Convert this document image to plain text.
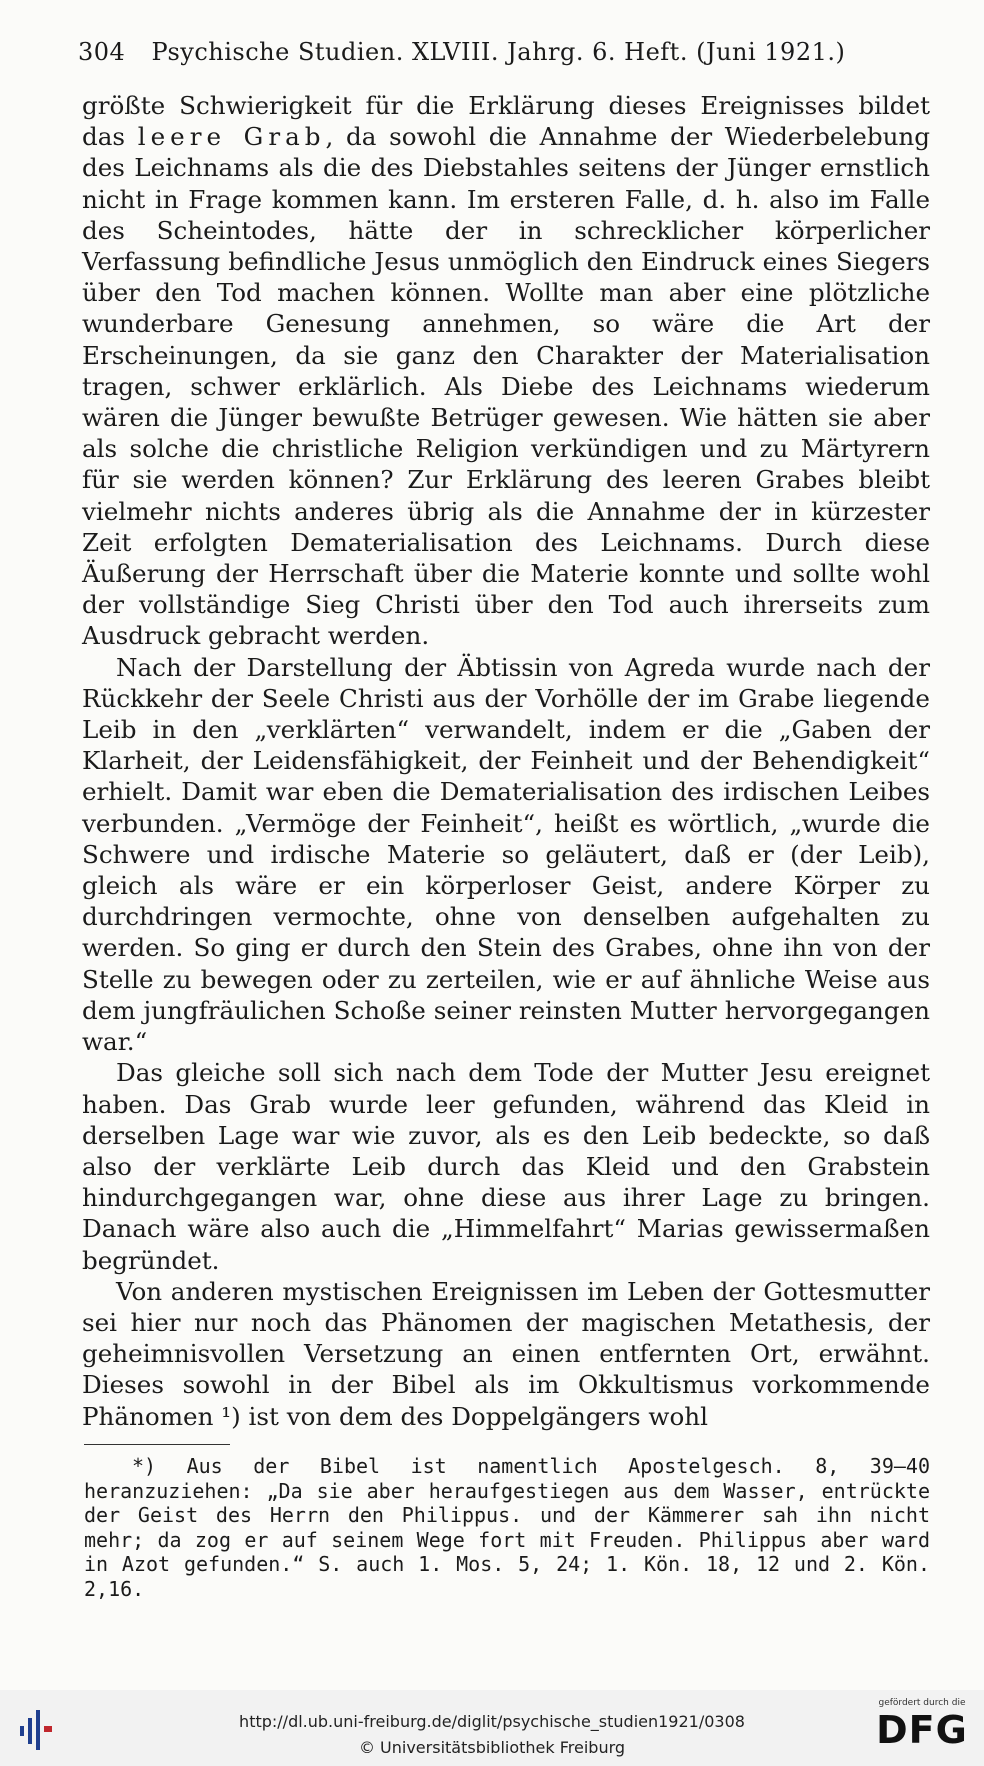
304 Psychische Studien. XLVIII. Jahrg. 6. Heft. (Juni 1921.)

größte Schwierigkeit für die Erklärung dieses Ereignisses bildet das leere Grab, da sowohl die Annahme der Wiederbelebung des Leichnams als die des Diebstahles seitens der Jünger ernstlich nicht in Frage kommen kann. Im ersteren Falle, d. h. also im Falle des Scheintodes, hätte der in schrecklicher körperlicher Verfassung befindliche Jesus unmöglich den Eindruck eines Siegers über den Tod machen können. Wollte man aber eine plötzliche wunderbare Genesung annehmen, so wäre die Art der Erscheinungen, da sie ganz den Charakter der Materialisation tragen, schwer erklärlich. Als Diebe des Leichnams wiederum wären die Jünger bewußte Betrüger gewesen. Wie hätten sie aber als solche die christliche Religion verkündigen und zu Märtyrern für sie werden können? Zur Erklärung des leeren Grabes bleibt vielmehr nichts anderes übrig als die Annahme der in kürzester Zeit erfolgten Dematerialisation des Leichnams. Durch diese Äußerung der Herrschaft über die Materie konnte und sollte wohl der vollständige Sieg Christi über den Tod auch ihrerseits zum Ausdruck gebracht werden.

Nach der Darstellung der Äbtissin von Agreda wurde nach der Rückkehr der Seele Christi aus der Vorhölle der im Grabe liegende Leib in den „verklärten“ verwandelt, indem er die „Gaben der Klarheit, der Leidensfähigkeit, der Feinheit und der Behendigkeit“ erhielt. Damit war eben die Dematerialisation des irdischen Leibes verbunden. „Vermöge der Feinheit“, heißt es wörtlich, „wurde die Schwere und irdische Materie so geläutert, daß er (der Leib), gleich als wäre er ein körperloser Geist, andere Körper zu durchdringen vermochte, ohne von denselben aufgehalten zu werden. So ging er durch den Stein des Grabes, ohne ihn von der Stelle zu bewegen oder zu zerteilen, wie er auf ähnliche Weise aus dem jungfräulichen Schoße seiner reinsten Mutter hervorgegangen war.“

Das gleiche soll sich nach dem Tode der Mutter Jesu ereignet haben. Das Grab wurde leer gefunden, während das Kleid in derselben Lage war wie zuvor, als es den Leib bedeckte, so daß also der verklärte Leib durch das Kleid und den Grabstein hindurchgegangen war, ohne diese aus ihrer Lage zu bringen. Danach wäre also auch die „Himmelfahrt“ Marias gewissermaßen begründet.

Von anderen mystischen Ereignissen im Leben der Gottesmutter sei hier nur noch das Phänomen der magischen Metathesis, der geheimnisvollen Versetzung an einen entfernten Ort, erwähnt. Dieses sowohl in der Bibel als im Okkultismus vorkommende Phänomen ¹) ist von dem des Doppelgängers wohl

*) Aus der Bibel ist namentlich Apostelgesch. 8, 39—40 heranzuziehen: „Da sie aber heraufgestiegen aus dem Wasser, entrückte der Geist des Herrn den Philippus. und der Kämmerer sah ihn nicht mehr; da zog er auf seinem Wege fort mit Freuden. Philippus aber ward in Azot gefunden.“ S. auch 1. Mos. 5, 24; 1. Kön. 18, 12 und 2. Kön. 2,16.

http://dl.ub.uni-freiburg.de/diglit/psychische_studien1921/0308
© Universitätsbibliothek Freiburg
gefördert durch die
DFG
